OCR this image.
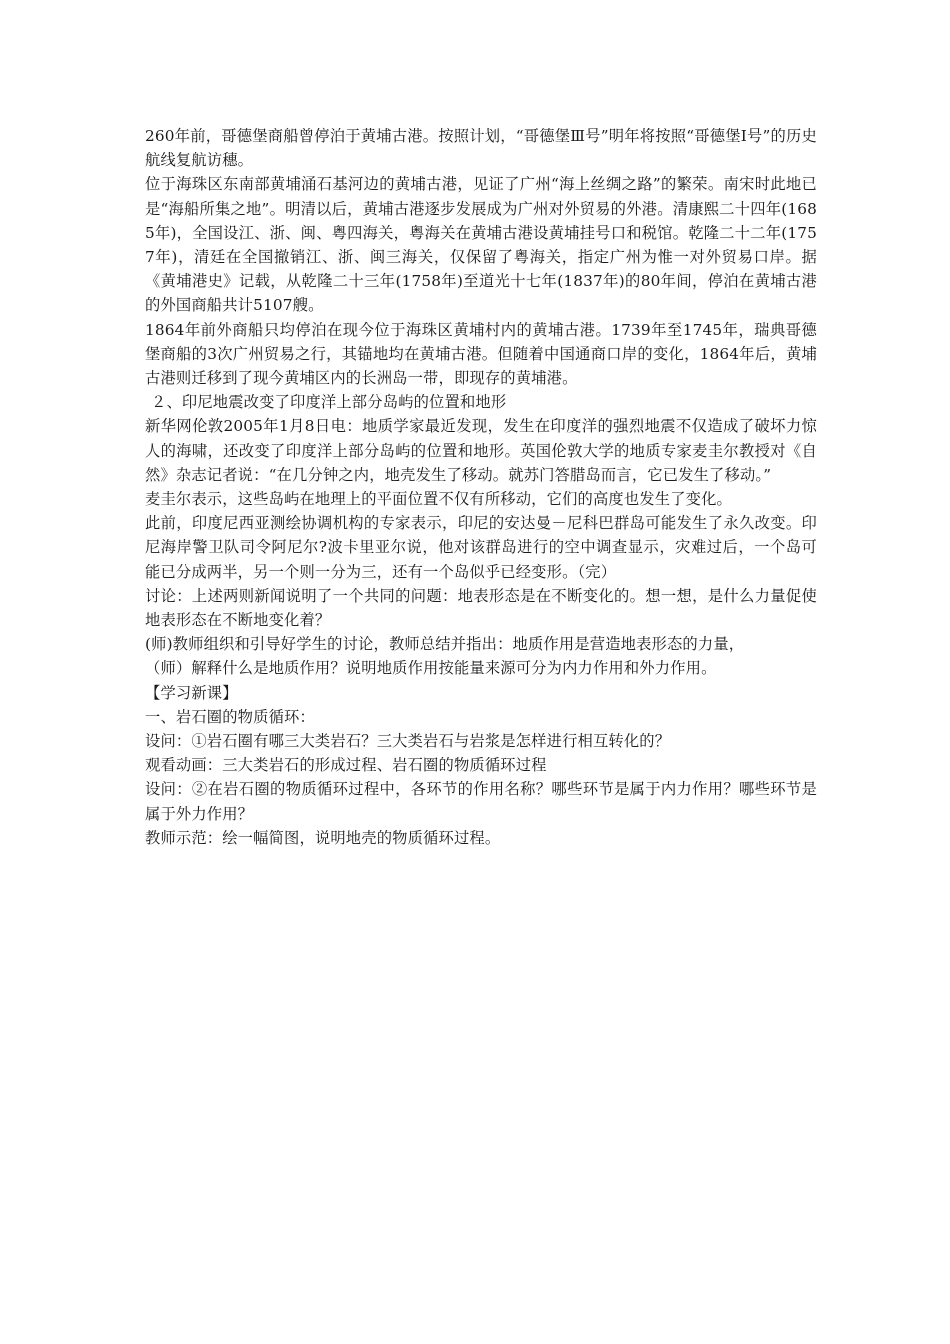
260年前，哥德堡商船曾停泊于黄埔古港。按照计划，“哥德堡Ⅲ号”明年将按照“哥德堡Ⅰ号”的历史航线复航访穗。

位于海珠区东南部黄埔涌石基河边的黄埔古港，见证了广州“海上丝绸之路”的繁荣。南宋时此地已是“海船所集之地”。明清以后，黄埔古港逐步发展成为广州对外贸易的外港。清康熙二十四年(1685年)，全国设江、浙、闽、粤四海关，粤海关在黄埔古港设黄埔挂号口和税馆。乾隆二十二年(1757年)，清廷在全国撤销江、浙、闽三海关，仅保留了粤海关，指定广州为惟一对外贸易口岸。据《黄埔港史》记载，从乾隆二十三年(1758年)至道光十七年(1837年)的80年间，停泊在黄埔古港的外国商船共计5107艘。

1864年前外商船只均停泊在现今位于海珠区黄埔村内的黄埔古港。1739年至1745年，瑞典哥德堡商船的3次广州贸易之行，其锚地均在黄埔古港。但随着中国通商口岸的变化，1864年后，黄埔古港则迁移到了现今黄埔区内的长洲岛一带，即现存的黄埔港。

２、印尼地震改变了印度洋上部分岛屿的位置和地形

新华网伦敦2005年1月8日电：地质学家最近发现，发生在印度洋的强烈地震不仅造成了破坏力惊人的海啸，还改变了印度洋上部分岛屿的位置和地形。英国伦敦大学的地质专家麦圭尔教授对《自然》杂志记者说：“在几分钟之内，地壳发生了移动。就苏门答腊岛而言，它已发生了移动。”

麦圭尔表示，这些岛屿在地理上的平面位置不仅有所移动，它们的高度也发生了变化。

此前，印度尼西亚测绘协调机构的专家表示，印尼的安达曼－尼科巴群岛可能发生了永久改变。印尼海岸警卫队司令阿尼尔?波卡里亚尔说，他对该群岛进行的空中调查显示，灾难过后，一个岛可能已分成两半，另一个则一分为三，还有一个岛似乎已经变形。（完）

讨论：上述两则新闻说明了一个共同的问题：地表形态是在不断变化的。想一想，是什么力量促使地表形态在不断地变化着？

(师)教师组织和引导好学生的讨论，教师总结并指出：地质作用是营造地表形态的力量，

（师）解释什么是地质作用？说明地质作用按能量来源可分为内力作用和外力作用。

【学习新课】

一、岩石圈的物质循环：

设问：①岩石圈有哪三大类岩石？三大类岩石与岩浆是怎样进行相互转化的？

观看动画：三大类岩石的形成过程、岩石圈的物质循环过程

设问：②在岩石圈的物质循环过程中，各环节的作用名称？哪些环节是属于内力作用？哪些环节是属于外力作用？

教师示范：绘一幅简图，说明地壳的物质循环过程。
